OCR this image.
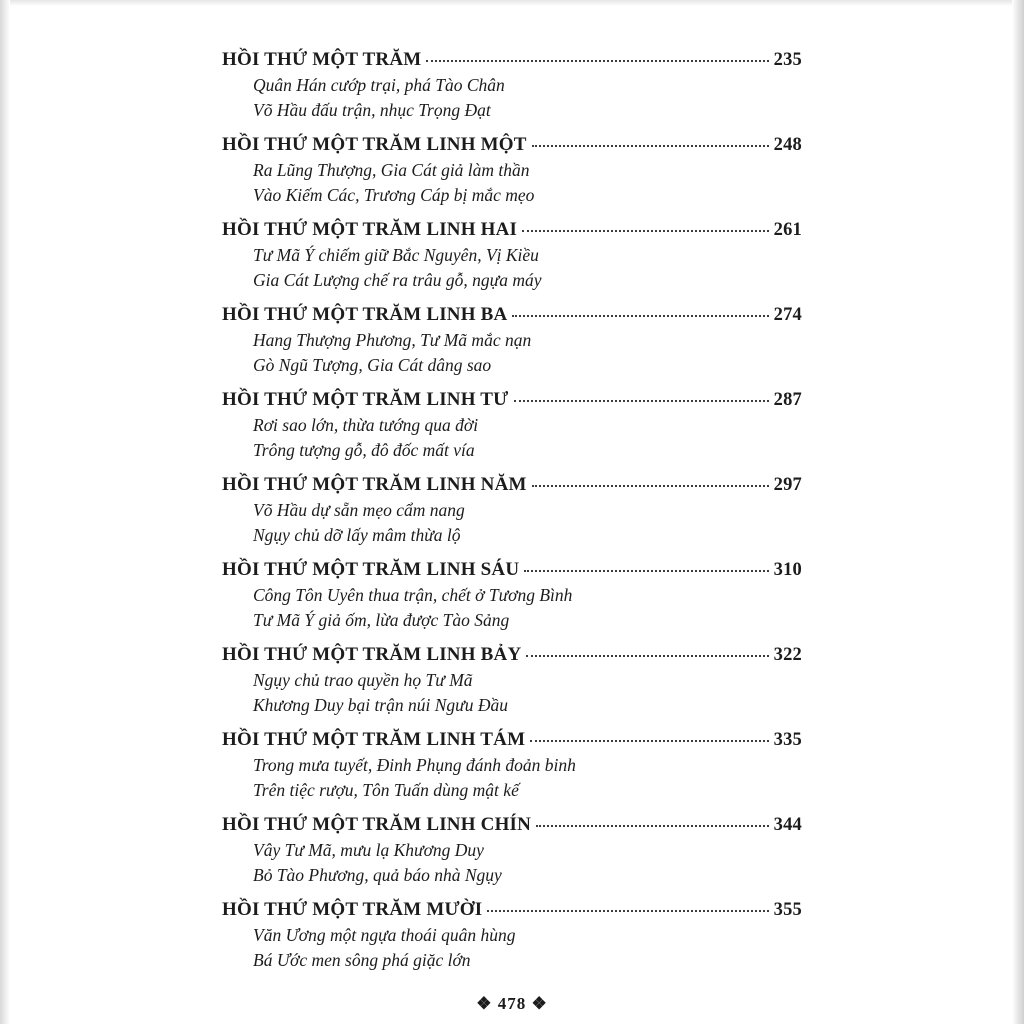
HỒI THỨ MỘT TRĂM	235
Quân Hán cướp trại, phá Tào Chân
Võ Hầu đấu trận, nhục Trọng Đạt
HỒI THỨ MỘT TRĂM LINH MỘT	248
Ra Lũng Thượng, Gia Cát giả làm thần
Vào Kiếm Các, Trương Cáp bị mắc mẹo
HỒI THỨ MỘT TRĂM LINH HAI	261
Tư Mã Ý chiếm giữ Bắc Nguyên, Vị Kiều
Gia Cát Lượng chế ra trâu gỗ, ngựa máy
HỒI THỨ MỘT TRĂM LINH BA	274
Hang Thượng Phương, Tư Mã mắc nạn
Gò Ngũ Tượng, Gia Cát dâng sao
HỒI THỨ MỘT TRĂM LINH TƯ	287
Rơi sao lớn, thừa tướng qua đời
Trông tượng gỗ, đô đốc mất vía
HỒI THỨ MỘT TRĂM LINH NĂM	297
Võ Hầu dự sẵn mẹo cẩm nang
Ngụy chủ dỡ lấy mâm thừa lộ
HỒI THỨ MỘT TRĂM LINH SÁU	310
Công Tôn Uyên thua trận, chết ở Tương Bình
Tư Mã Ý giả ốm, lừa được Tào Sảng
HỒI THỨ MỘT TRĂM LINH BẢY	322
Ngụy chủ trao quyền họ Tư Mã
Khương Duy bại trận núi Ngưu Đầu
HỒI THỨ MỘT TRĂM LINH TÁM	335
Trong mưa tuyết, Đinh Phụng đánh đoản binh
Trên tiệc rượu, Tôn Tuấn dùng mật kế
HỒI THỨ MỘT TRĂM LINH CHÍN	344
Vây Tư Mã, mưu lạ Khương Duy
Bỏ Tào Phương, quả báo nhà Ngụy
HỒI THỨ MỘT TRĂM MƯỜI	355
Văn Ương một ngựa thoái quân hùng
Bá Ước men sông phá giặc lớn
❖ 478 ❖
